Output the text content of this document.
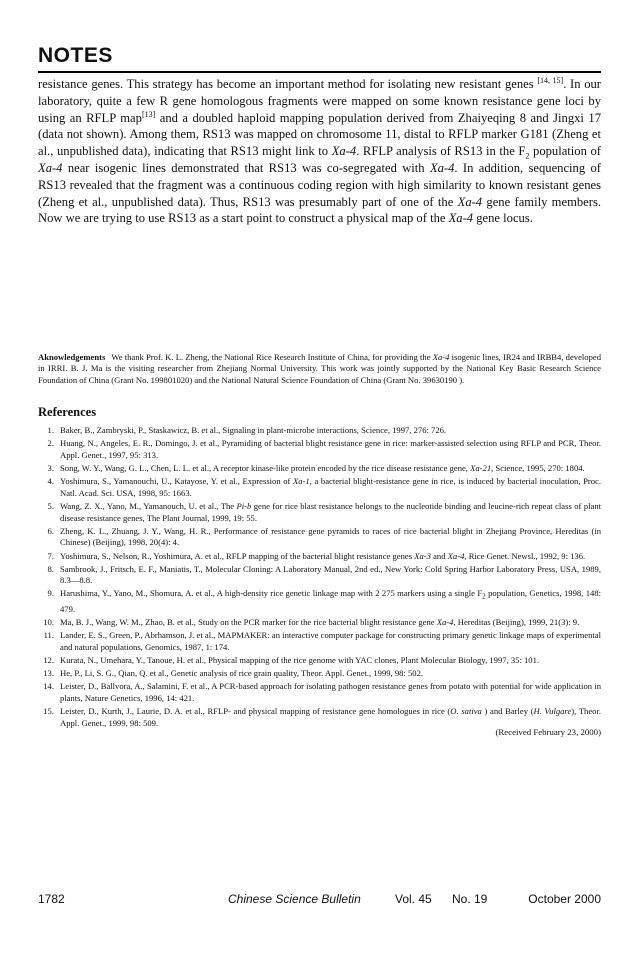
NOTES

resistance genes. This strategy has become an important method for isolating new resistant genes [14, 15]. In our laboratory, quite a few R gene homologous fragments were mapped on some known resistance gene loci by using an RFLP map[13] and a doubled haploid mapping population derived from Zhaiyeqing 8 and Jingxi 17 (data not shown). Among them, RS13 was mapped on chromosome 11, distal to RFLP marker G181 (Zheng et al., unpublished data), indicating that RS13 might link to Xa-4. RFLP analysis of RS13 in the $F_2$ population of Xa-4 near isogenic lines demonstrated that RS13 was co-segregated with Xa-4. In addition, sequencing of RS13 revealed that the fragment was a continuous coding region with high similarity to known resistant genes (Zheng et al., unpublished data). Thus, RS13 was presumably part of one of the Xa-4 gene family members. Now we are trying to use RS13 as a start point to construct a physical map of the Xa-4 gene locus.

Aknowledgements We thank Prof. K. L. Zheng, the National Rice Research Institute of China, for providing the Xa-4 isogenic lines, IR24 and IRBB4, developed in IRRI. B. J. Ma is the visiting researcher from Zhejiang Normal University. This work was jointly supported by the National Key Basic Research Science Foundation of China (Grant No. 199801020) and the National Natural Science Foundation of China (Grant No. 39630190 ).

References
1. Baker, B., Zambryski, P., Staskawicz, B. et al., Signaling in plant-microbe interactions, Science, 1997, 276: 726.
2. Huang, N., Angeles, E. R., Domingo, J. et al., Pyramiding of bacterial blight resistance gene in rice: marker-assisted selection using RFLP and PCR, Theor. Appl. Genet., 1997, 95: 313.
3. Song, W. Y., Wang, G. L., Chen, L. L. et al., A receptor kinase-like protein encoded by the rice disease resistance gene, Xa-21, Science, 1995, 270: 1804.
4. Yoshimura, S., Yamanouchi, U., Katayose, Y. et al., Expression of Xa-1, a bacterial blight-resistance gene in rice, is induced by bacterial inoculation, Proc. Natl. Acad. Sci. USA, 1998, 95: 1663.
5. Wang, Z. X., Yano, M., Yamanouch, U. et al., The Pi-b gene for rice blast resistance belongs to the nucleotide binding and leucine-rich repeat class of plant disease resistance genes, The Plant Journal, 1999, 19: 55.
6. Zheng, K. L., Zhuang, J. Y., Wang, H. R., Performance of resistance gene pyramids to races of rice bacterial blight in Zhejiang Province, Hereditas (in Chinese) (Beijing), 1998, 20(4): 4.
7. Yoshimura, S., Nelson, R., Yoshimura, A. et al., RFLP mapping of the bacterial blight resistance genes Xa-3 and Xa-4, Rice Genet. Newsl., 1992, 9: 136.
8. Sambrook, J., Fritsch, E. F., Maniatis, T., Molecular Cloning: A Laboratory Manual, 2nd ed., New York: Cold Spring Harbor Laboratory Press, USA, 1989, 8.3—8.8.
9. Harushima, Y., Yano, M., Shomura, A. et al., A high-density rice genetic linkage map with 2 275 markers using a single $F_2$ population, Genetics, 1998, 148: 479.
10. Ma, B. J., Wang, W. M., Zhao, B. et al., Study on the PCR marker for the rice bacterial blight resistance gene Xa-4, Hereditas (Beijing), 1999, 21(3): 9.
11. Lander, E. S., Green, P., Abrhamson, J. et al., MAPMAKER: an interactive computer package for constructing primary genetic linkage maps of experimental and natural populations, Genomics, 1987, 1: 174.
12. Kurata, N., Umehara, Y., Tanoue, H. et al., Physical mapping of the rice genome with YAC clones, Plant Molecular Biology, 1997, 35: 101.
13. He, P., Li, S. G., Qian, Q. et al., Genetic analysis of rice grain quality, Theor. Appl. Genet., 1999, 98: 502.
14. Leister, D., Ballvora, A., Salamini, F. et al., A PCR-based approach for isolating pathogen resistance genes from potato with potential for wide application in plants, Nature Genetics, 1996, 14: 421.
15. Leister, D., Kurth, J., Laurie, D. A. et al., RFLP- and physical mapping of resistance gene homologues in rice (O. sativa ) and Barley (H. Vulgare), Theor. Appl. Genet., 1999, 98: 509.
(Received February 23, 2000)
1782	Chinese Science Bulletin	Vol. 45 No. 19	October 2000
